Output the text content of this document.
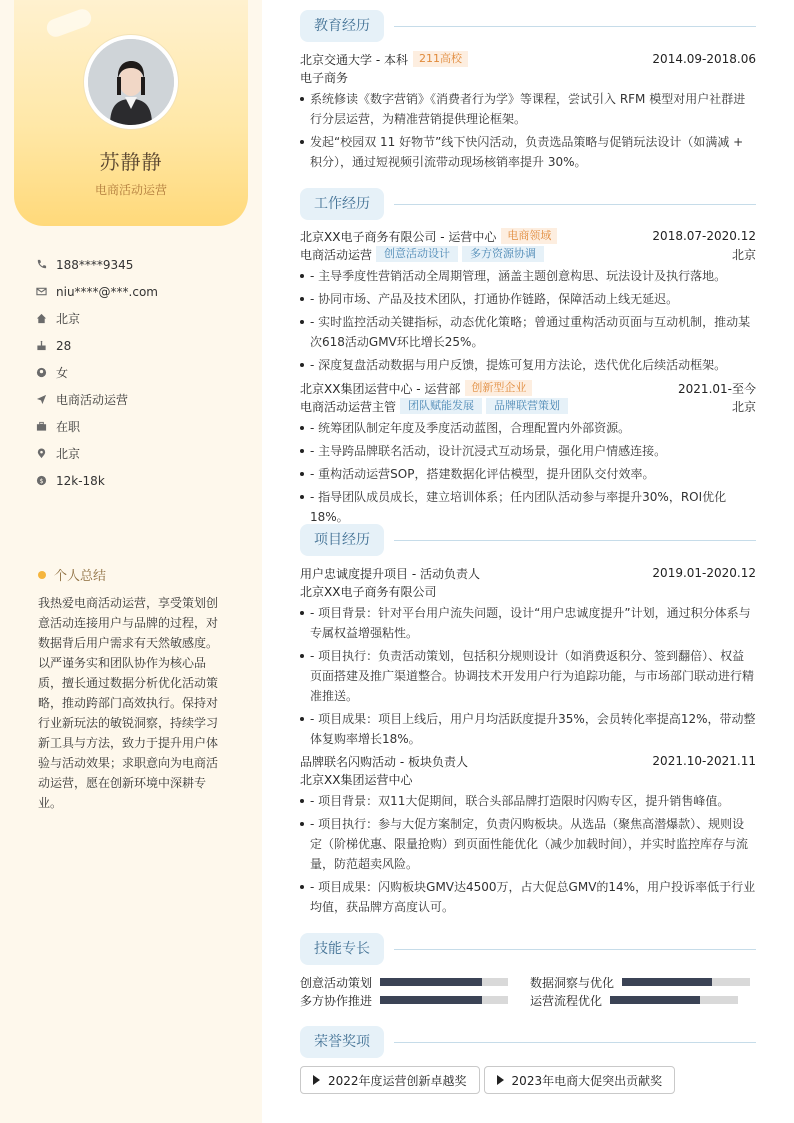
苏静静
电商活动运营
188****9345
niu****@***.com
北京
28
女
电商活动运营
在职
北京
$ 12k-18k
个人总结
我热爱电商活动运营，享受策划创意活动连接用户与品牌的过程，对数据背后用户需求有天然敏感度。以严谨务实和团队协作为核心品质，擅长通过数据分析优化活动策略，推动跨部门高效执行。保持对行业新玩法的敏锐洞察，持续学习新工具与方法，致力于提升用户体验与活动效果；求职意向为电商活动运营，愿在创新环境中深耕专业。
教育经历
北京交通大学 - 本科	211高校	2014.09-2018.06
电子商务
系统修读《数字营销》《消费者行为学》等课程，尝试引入 RFM 模型对用户社群进行分层运营，为精准营销提供理论框架。
发起“校园双 11 好物节”线下快闪活动，负责选品策略与促销玩法设计（如满减 + 积分），通过短视频引流带动现场核销率提升 30%。
工作经历
北京XX电子商务有限公司 - 运营中心	电商领域	2018.07-2020.12
电商活动运营	创意活动设计	多方资源协调	北京
- 主导季度性营销活动全周期管理，涵盖主题创意构思、玩法设计及执行落地。
- 协同市场、产品及技术团队，打通协作链路，保障活动上线无延迟。
- 实时监控活动关键指标，动态优化策略；曾通过重构活动页面与互动机制，推动某次618活动GMV环比增长25%。
- 深度复盘活动数据与用户反馈，提炼可复用方法论，迭代优化后续活动框架。
北京XX集团运营中心 - 运营部	创新型企业	2021.01-至今
电商活动运营主管	团队赋能发展	品牌联营策划	北京
- 统筹团队制定年度及季度活动蓝图，合理配置内外部资源。
- 主导跨品牌联名活动，设计沉浸式互动场景，强化用户情感连接。
- 重构活动运营SOP，搭建数据化评估模型，提升团队交付效率。
- 指导团队成员成长，建立培训体系；任内团队活动参与率提升30%，ROI优化18%。
项目经历
用户忠诚度提升项目 - 活动负责人	2019.01-2020.12
北京XX电子商务有限公司
- 项目背景：针对平台用户流失问题，设计“用户忠诚度提升”计划，通过积分体系与专属权益增强粘性。
- 项目执行：负责活动策划，包括积分规则设计（如消费返积分、签到翻倍）、权益页面搭建及推广渠道整合。协调技术开发用户行为追踪功能，与市场部门联动进行精准推送。
- 项目成果：项目上线后，用户月均活跃度提升35%，会员转化率提高12%，带动整体复购率增长18%。
品牌联名闪购活动 - 板块负责人	2021.10-2021.11
北京XX集团运营中心
- 项目背景：双11大促期间，联合头部品牌打造限时闪购专区，提升销售峰值。
- 项目执行：参与大促方案制定，负责闪购板块。从选品（聚焦高潜爆款）、规则设定（阶梯优惠、限量抢购）到页面性能优化（减少加载时间），并实时监控库存与流量，防范超卖风险。
- 项目成果：闪购板块GMV达4500万，占大促总GMV的14%，用户投诉率低于行业均值，获品牌方高度认可。
技能专长
创意活动策划	数据洞察与优化
多方协作推进	运营流程优化
荣誉奖项
2022年度运营创新卓越奖	2023年电商大促突出贡献奖
